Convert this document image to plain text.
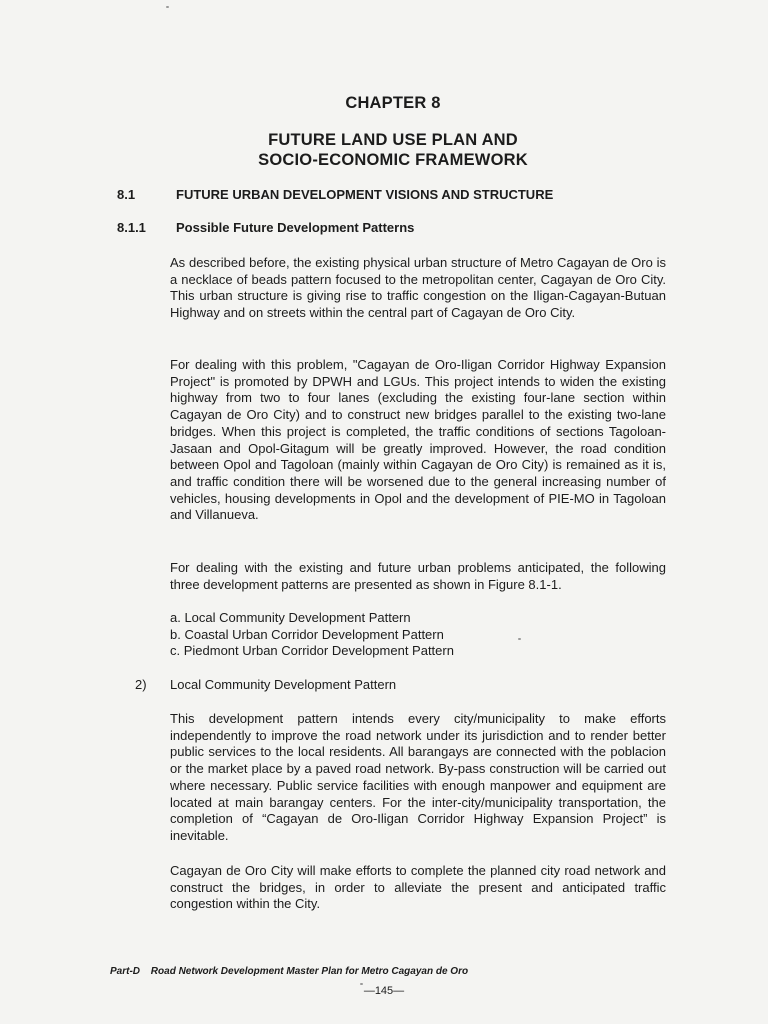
CHAPTER 8
FUTURE LAND USE PLAN AND
SOCIO-ECONOMIC FRAMEWORK
8.1	FUTURE URBAN DEVELOPMENT VISIONS AND STRUCTURE
8.1.1 Possible Future Development Patterns
As described before, the existing physical urban structure of Metro Cagayan de Oro is a necklace of beads pattern focused to the metropolitan center, Cagayan de Oro City. This urban structure is giving rise to traffic congestion on the Iligan-Cagayan-Butuan Highway and on streets within the central part of Cagayan de Oro City.
For dealing with this problem, "Cagayan de Oro-Iligan Corridor Highway Expansion Project" is promoted by DPWH and LGUs. This project intends to widen the existing highway from two to four lanes (excluding the existing four-lane section within Cagayan de Oro City) and to construct new bridges parallel to the existing two-lane bridges. When this project is completed, the traffic conditions of sections Tagoloan-Jasaan and Opol-Gitagum will be greatly improved. However, the road condition between Opol and Tagoloan (mainly within Cagayan de Oro City) is remained as it is, and traffic condition there will be worsened due to the general increasing number of vehicles, housing developments in Opol and the development of PIE-MO in Tagoloan and Villanueva.
For dealing with the existing and future urban problems anticipated, the following three development patterns are presented as shown in Figure 8.1-1.
a. Local Community Development Pattern
b. Coastal Urban Corridor Development Pattern
c. Piedmont Urban Corridor Development Pattern
2) Local Community Development Pattern
This development pattern intends every city/municipality to make efforts independently to improve the road network under its jurisdiction and to render better public services to the local residents. All barangays are connected with the poblacion or the market place by a paved road network. By-pass construction will be carried out where necessary. Public service facilities with enough manpower and equipment are located at main barangay centers. For the inter-city/municipality transportation, the completion of “Cagayan de Oro-Iligan Corridor Highway Expansion Project” is inevitable.
Cagayan de Oro City will make efforts to complete the planned city road network and construct the bridges, in order to alleviate the present and anticipated traffic congestion within the City.
Part-D Road Network Development Master Plan for Metro Cagayan de Oro
—145—
